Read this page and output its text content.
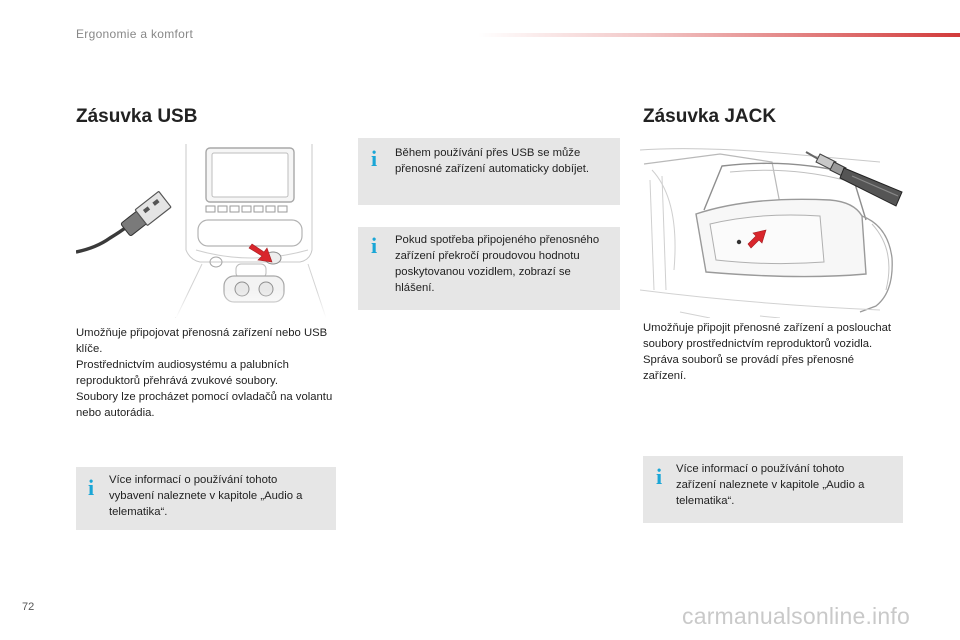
Ergonomie a komfort
Zásuvka USB

Umožňuje připojovat přenosná zařízení nebo USB klíče.

Prostřednictvím audiosystému a palubních reproduktorů přehrává zvukové soubory.

Soubory lze procházet pomocí ovladačů na volantu nebo autorádia.

i Více informací o používání tohoto vybavení naleznete v kapitole „Audio a telematika“.
i Během používání přes USB se může přenosné zařízení automaticky dobíjet.
i Pokud spotřeba připojeného přenosného zařízení překročí proudovou hodnotu poskytovanou vozidlem, zobrazí se hlášení.
Zásuvka JACK

Umožňuje připojit přenosné zařízení a poslouchat soubory prostřednictvím reproduktorů vozidla.

Správa souborů se provádí přes přenosné zařízení.

i Více informací o používání tohoto zařízení naleznete v kapitole „Audio a telematika“.
72	carmanualsonline.info
